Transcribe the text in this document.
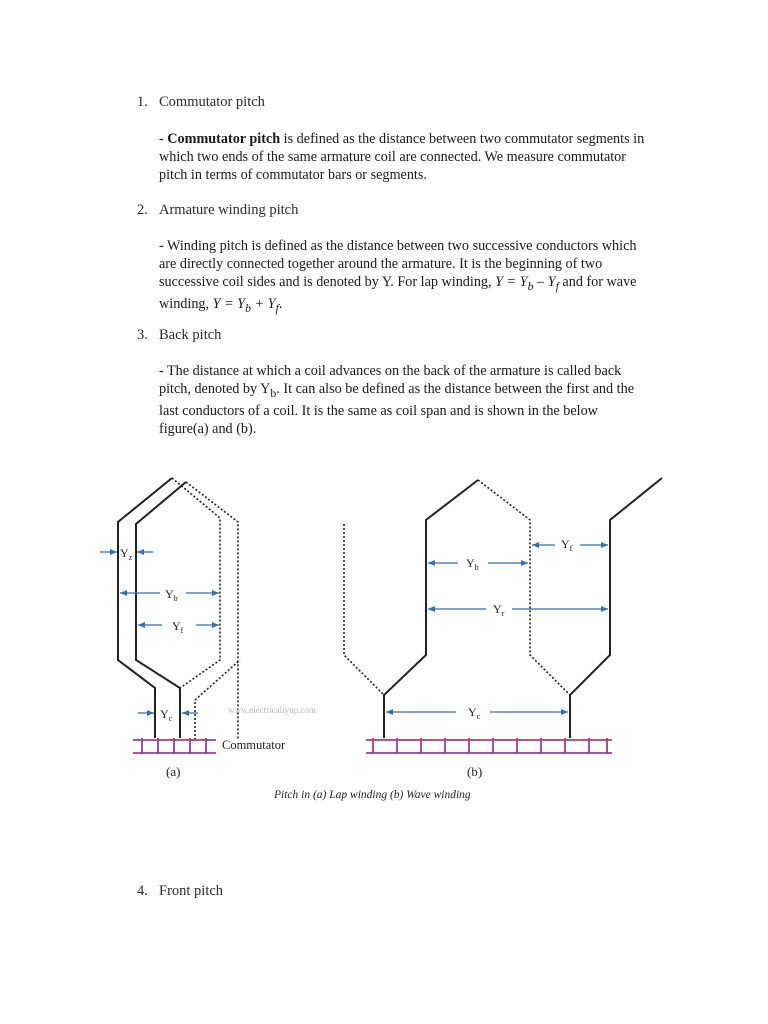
1. Commutator pitch
- Commutator pitch is defined as the distance between two commutator segments in
which two ends of the same armature coil are connected. We measure commutator
pitch in terms of commutator bars or segments.
2. Armature winding pitch
- Winding pitch is defined as the distance between two successive conductors which
are directly connected together around the armature. It is the beginning of two
successive coil sides and is denoted by Y. For lap winding, $Y = Y_b - Y_f$ and for wave
winding, $Y = Y_b + Y_f$.
3. Back pitch
- The distance at which a coil advances on the back of the armature is called back
pitch, denoted by $Y_b$. It can also be defined as the distance between the first and the
last conductors of a coil. It is the same as coil span and is shown in the below
figure(a) and (b).
$Y_z$
$Y_b$
$Y_f$
$Y_c$
Commutator
www.electricallyup.com
(a)
$Y_b$
$Y_r$
$Y_f$
$Y_c$
(b)
Pitch in (a) Lap winding (b) Wave winding
4. Front pitch
